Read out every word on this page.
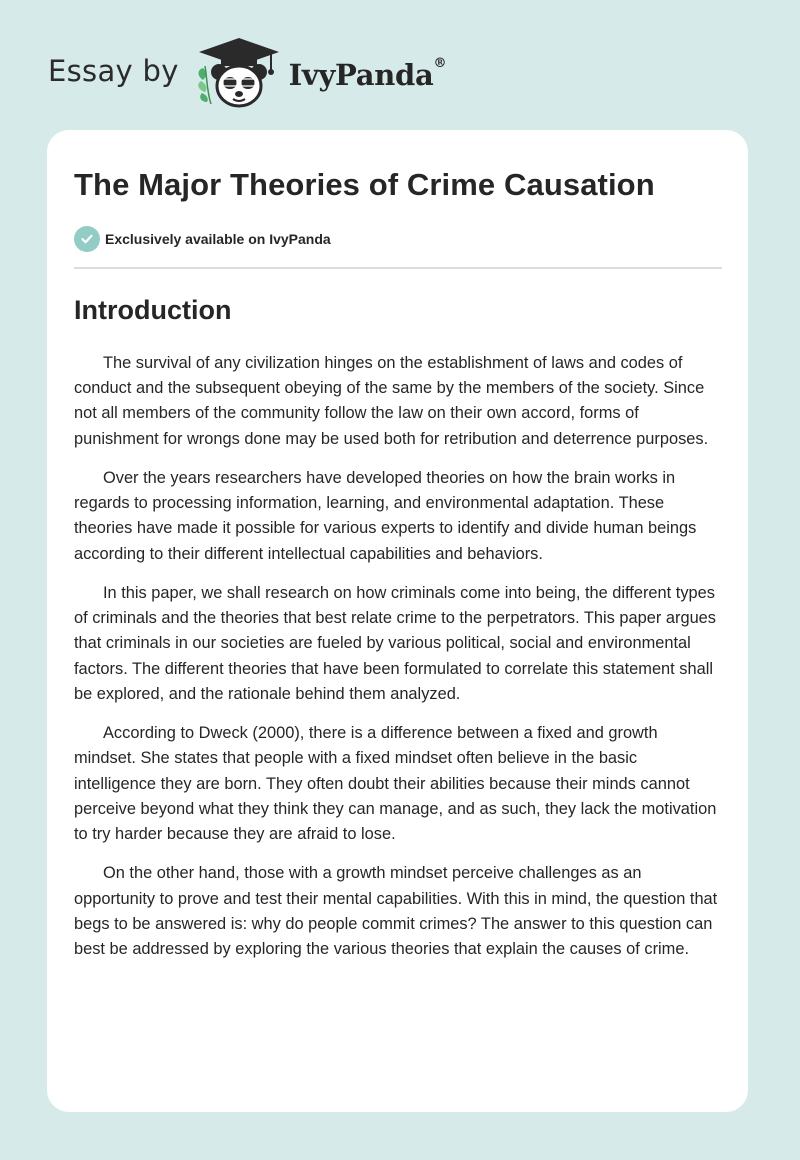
Essay by	IvyPanda®
The Major Theories of Crime Causation
Exclusively available on IvyPanda
Introduction

The survival of any civilization hinges on the establishment of laws and codes of conduct and the subsequent obeying of the same by the members of the society. Since not all members of the community follow the law on their own accord, forms of punishment for wrongs done may be used both for retribution and deterrence purposes.

Over the years researchers have developed theories on how the brain works in regards to processing information, learning, and environmental adaptation. These theories have made it possible for various experts to identify and divide human beings according to their different intellectual capabilities and behaviors.

In this paper, we shall research on how criminals come into being, the different types of criminals and the theories that best relate crime to the perpetrators. This paper argues that criminals in our societies are fueled by various political, social and environmental factors. The different theories that have been formulated to correlate this statement shall be explored, and the rationale behind them analyzed.

According to Dweck (2000), there is a difference between a fixed and growth mindset. She states that people with a fixed mindset often believe in the basic intelligence they are born. They often doubt their abilities because their minds cannot perceive beyond what they think they can manage, and as such, they lack the motivation to try harder because they are afraid to lose.

On the other hand, those with a growth mindset perceive challenges as an opportunity to prove and test their mental capabilities. With this in mind, the question that begs to be answered is: why do people commit crimes? The answer to this question can best be addressed by exploring the various theories that explain the causes of crime.
